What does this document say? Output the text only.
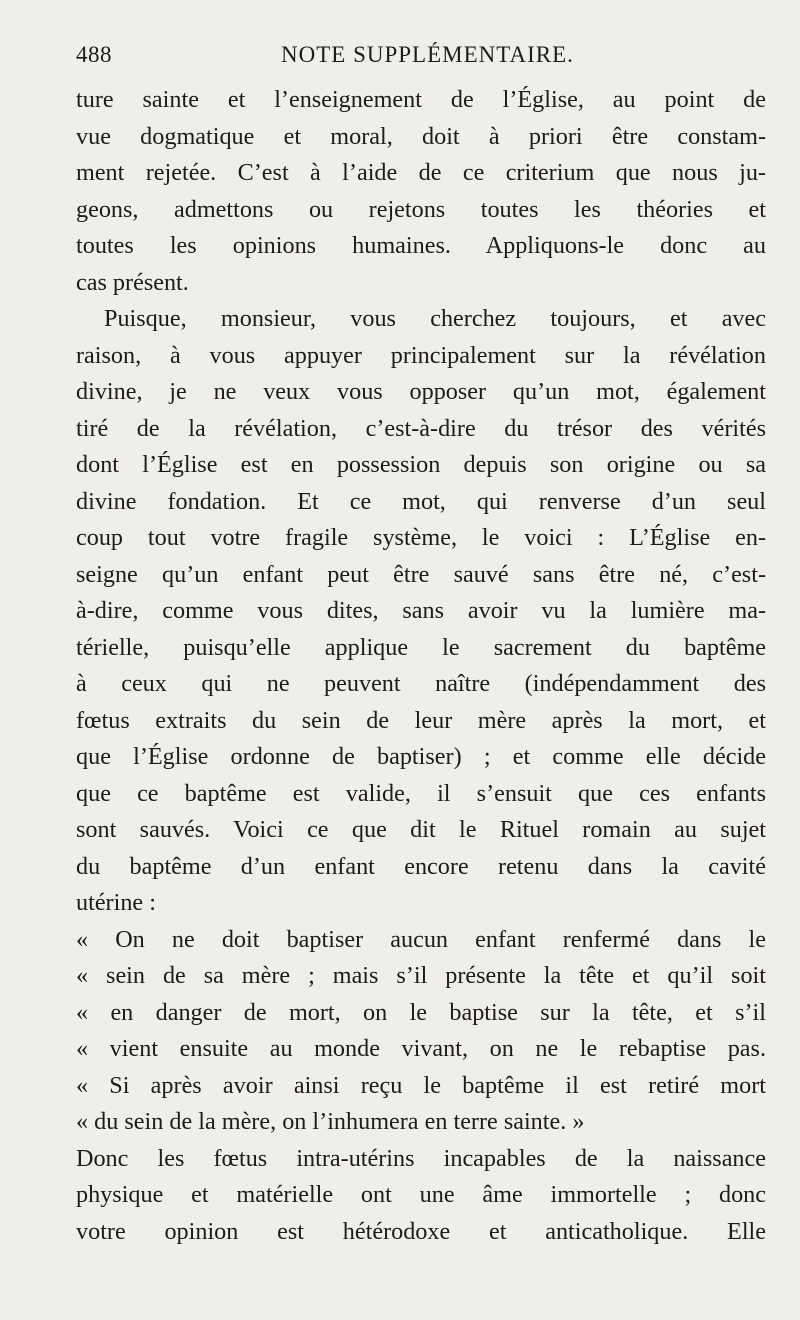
488	NOTE SUPPLÉMENTAIRE.
ture sainte et l’enseignement de l’Église, au point de
vue dogmatique et moral, doit à priori être constam-
ment rejetée. C’est à l’aide de ce criterium que nous ju-
geons, admettons ou rejetons toutes les théories et
toutes les opinions humaines. Appliquons-le donc au
cas présent.
Puisque, monsieur, vous cherchez toujours, et avec
raison, à vous appuyer principalement sur la révélation
divine, je ne veux vous opposer qu’un mot, également
tiré de la révélation, c’est-à-dire du trésor des vérités
dont l’Église est en possession depuis son origine ou sa
divine fondation. Et ce mot, qui renverse d’un seul
coup tout votre fragile système, le voici : L’Église en-
seigne qu’un enfant peut être sauvé sans être né, c’est-
à-dire, comme vous dites, sans avoir vu la lumière ma-
térielle, puisqu’elle applique le sacrement du baptême
à ceux qui ne peuvent naître (indépendamment des
fœtus extraits du sein de leur mère après la mort, et
que l’Église ordonne de baptiser) ; et comme elle décide
que ce baptême est valide, il s’ensuit que ces enfants
sont sauvés. Voici ce que dit le Rituel romain au sujet
du baptême d’un enfant encore retenu dans la cavité
utérine :
« On ne doit baptiser aucun enfant renfermé dans le
« sein de sa mère ; mais s’il présente la tête et qu’il soit
« en danger de mort, on le baptise sur la tête, et s’il
« vient ensuite au monde vivant, on ne le rebaptise pas.
« Si après avoir ainsi reçu le baptême il est retiré mort
« du sein de la mère, on l’inhumera en terre sainte. »
Donc les fœtus intra-utérins incapables de la naissance
physique et matérielle ont une âme immortelle ; donc
votre opinion est hétérodoxe et anticatholique. Elle
